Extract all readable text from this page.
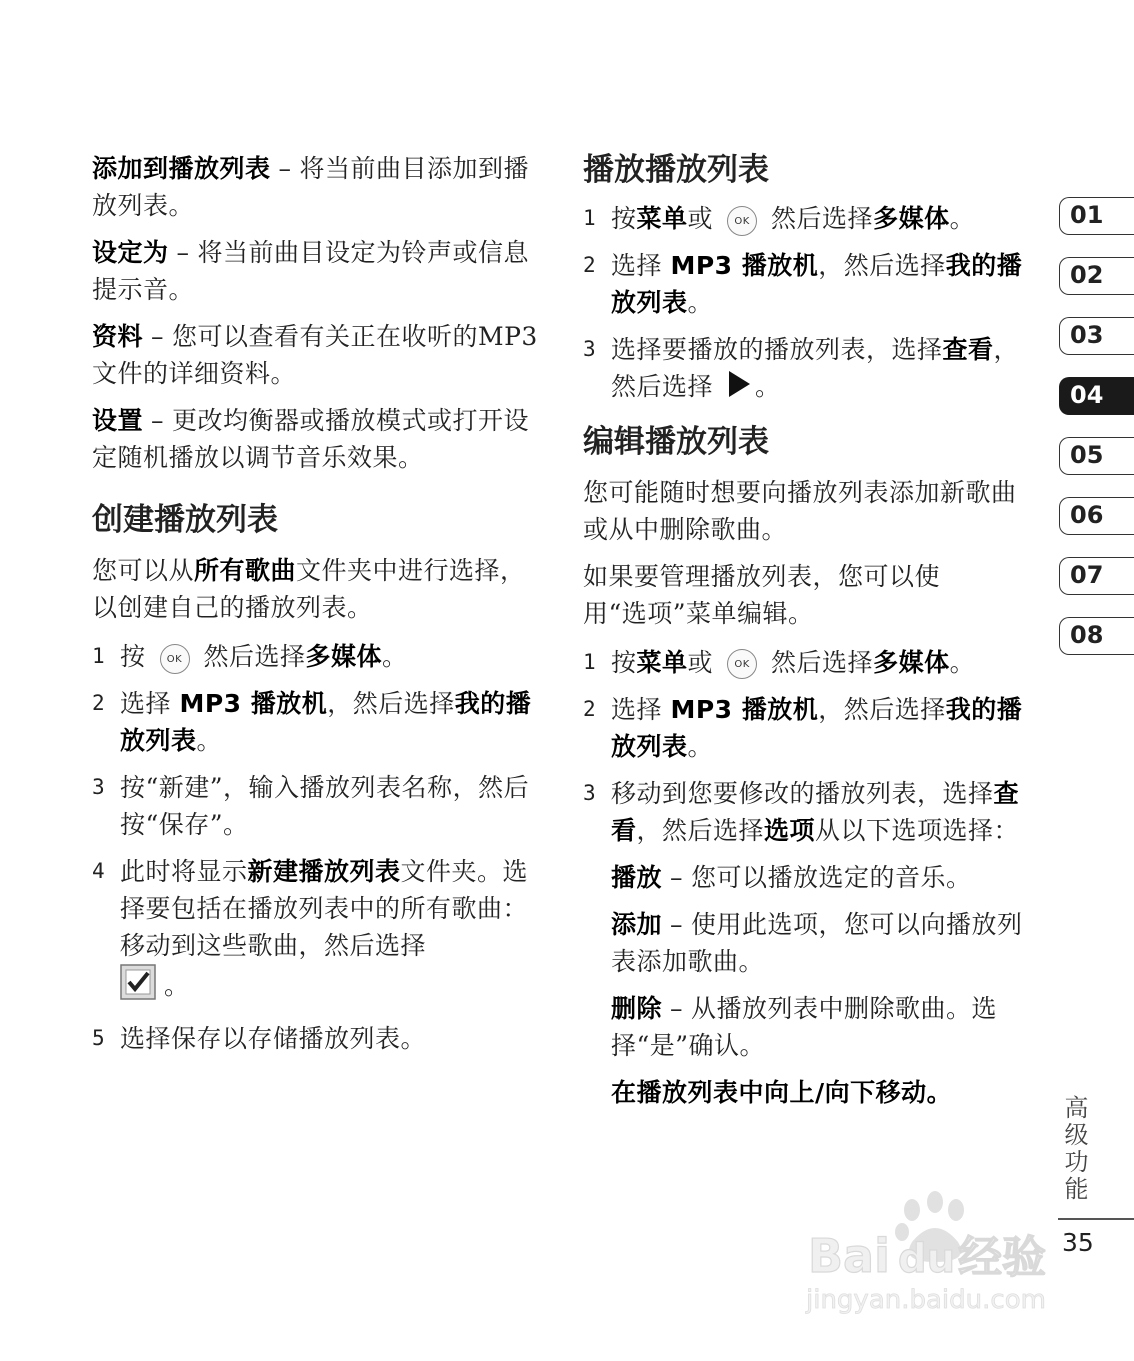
添加到播放列表 – 将当前曲目添加到播放列表。

设定为 – 将当前曲目设定为铃声或信息提示音。

资料 – 您可以查看有关正在收听的MP3 文件的详细资料。

设置 – 更改均衡器或播放模式或打开设定随机播放以调节音乐效果。

创建播放列表

您可以从所有歌曲文件夹中进行选择，以创建自己的播放列表。

1 按 OK 然后选择多媒体。

2 选择 MP3 播放机，然后选择我的播放列表。

3 按“新建”，输入播放列表名称，然后按“保存”。

4 此时将显示新建播放列表文件夹。选择要包括在播放列表中的所有歌曲：移动到这些歌曲，然后选择
。

5 选择保存以存储播放列表。

播放播放列表

1 按菜单或 OK 然后选择多媒体。

2 选择 MP3 播放机，然后选择我的播放列表。

3 选择要播放的播放列表，选择查看，然后选择 。

编辑播放列表

您可能随时想要向播放列表添加新歌曲或从中删除歌曲。

如果要管理播放列表，您可以使用“选项”菜单编辑。

1 按菜单或 OK 然后选择多媒体。

2 选择 MP3 播放机，然后选择我的播放列表。

3 移动到您要修改的播放列表，选择查看，然后选择选项从以下选项选择：

播放 – 您可以播放选定的音乐。

添加 – 使用此选项，您可以向播放列表添加歌曲。

删除 – 从播放列表中删除歌曲。选择“是”确认。

在播放列表中向上/向下移动。

01
02
03
04
05
06
07
08
高级功能
35
Bai du 经验
jingyan.baidu.com
